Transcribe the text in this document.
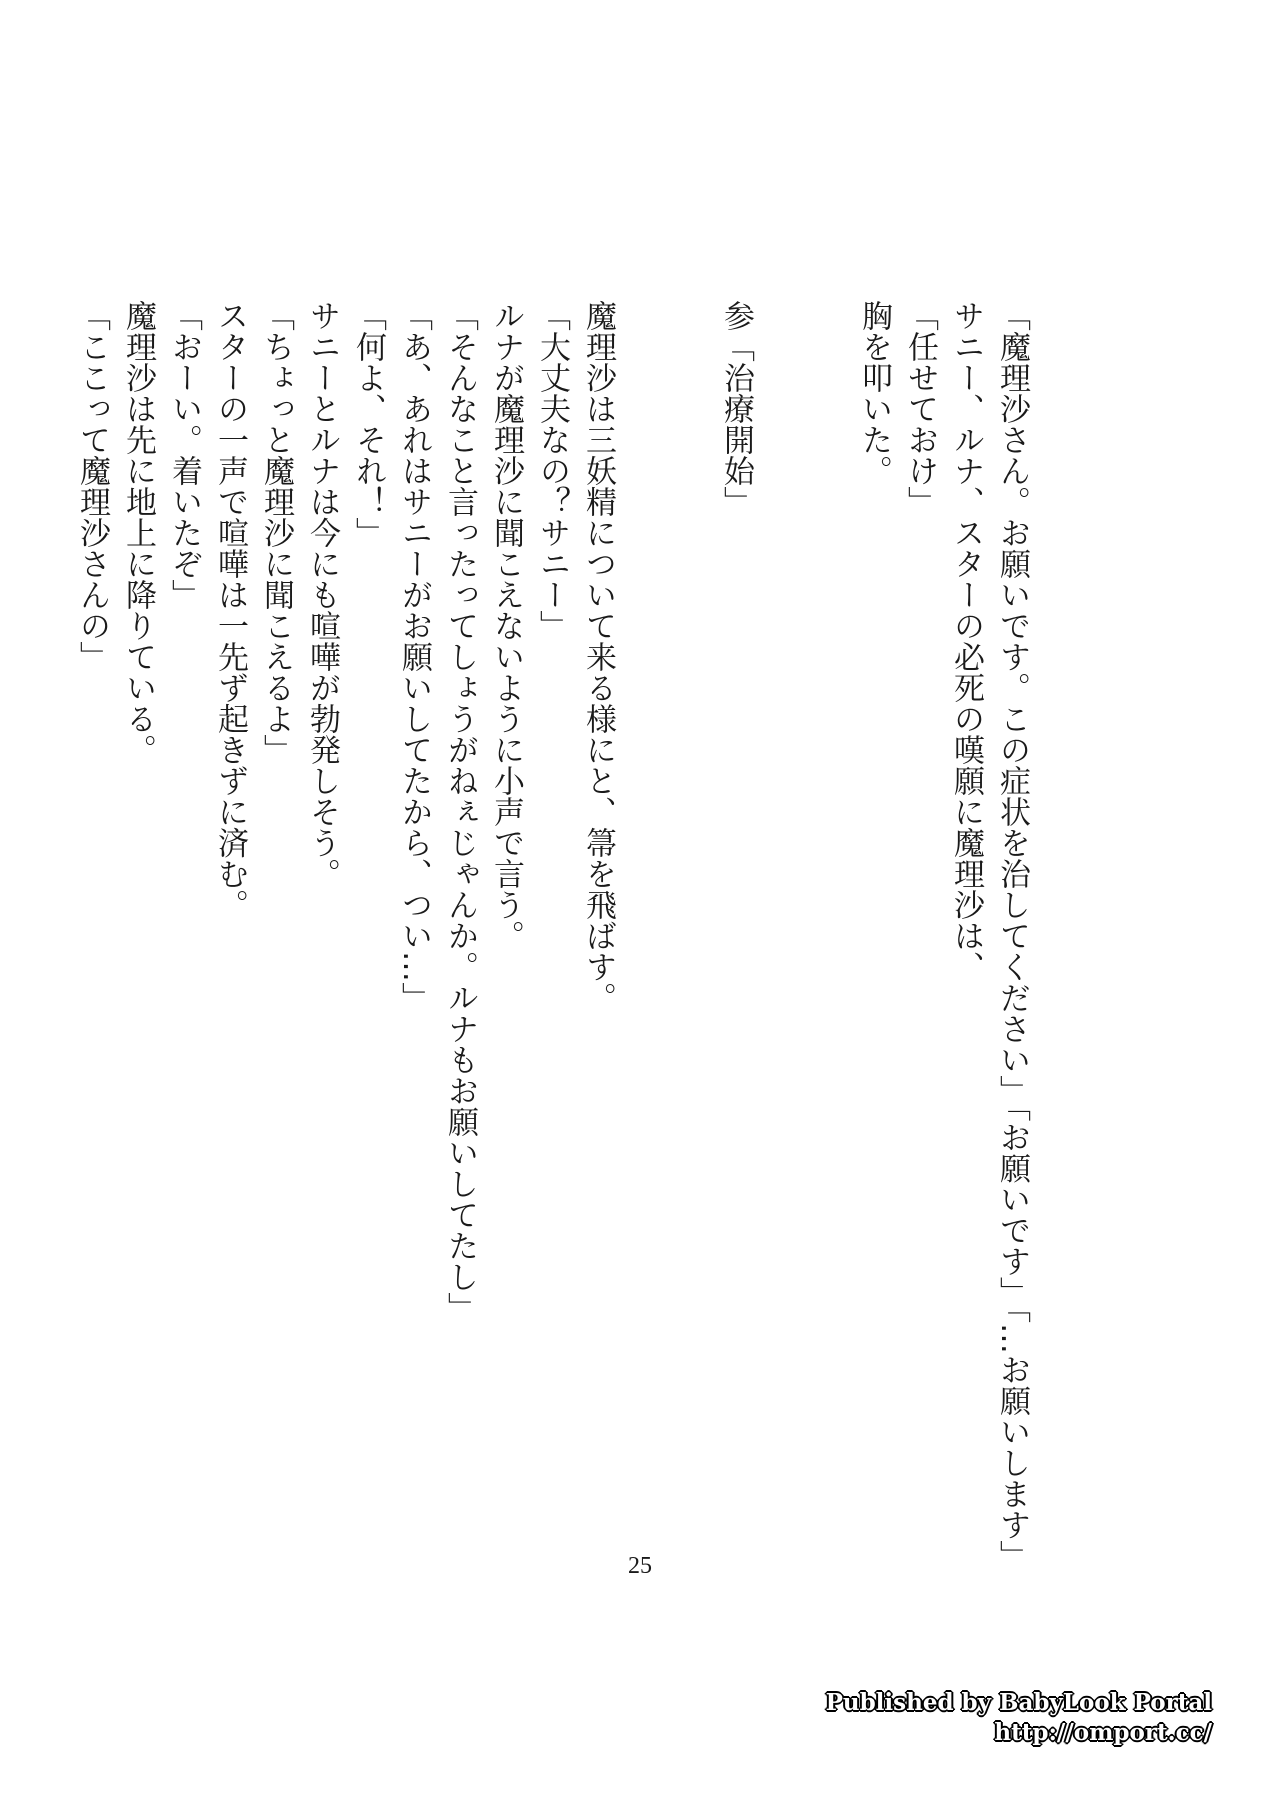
「魔理沙さん。お願いです。この症状を治してください」「お願いです」「…お願いします」
サニー、ルナ、スターの必死の嘆願に魔理沙は、
「任せておけ」
胸を叩いた。
参「治療開始」
魔理沙は三妖精について来る様にと、箒を飛ばす。
「大丈夫なの？サニー」
ルナが魔理沙に聞こえないように小声で言う。
「そんなこと言ったってしょうがねぇじゃんか。ルナもお願いしてたし」
「あ、あれはサニーがお願いしてたから、つい…」
「何よ、それ！」
サニーとルナは今にも喧嘩が勃発しそう。
「ちょっと魔理沙に聞こえるよ」
スターの一声で喧嘩は一先ず起きずに済む。
「おーい。着いたぞ」
魔理沙は先に地上に降りている。
「ここって魔理沙さんの」
25
Published by BabyLook Portal
http://omport.cc/
